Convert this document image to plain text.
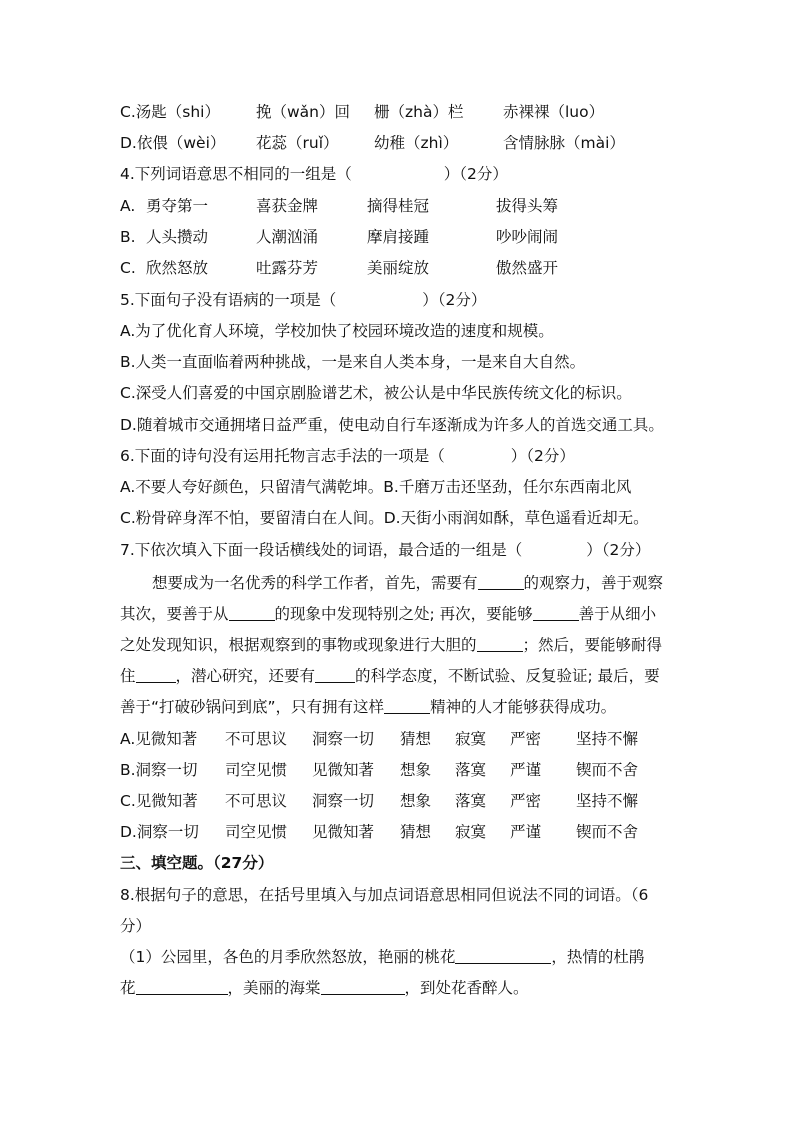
C.汤匙（shi） 挽（wǎn）回 栅（zhà）栏	赤裸裸（luo）
D.依偎（wèi） 花蕊（ruǐ） 幼稚（zhì）	含情脉脉（mài）
4.下列词语意思不相同的一组是（	）（2分）
A. 勇夺第一	喜获金牌	摘得桂冠	拔得头筹
B. 人头攒动	人潮汹涌	摩肩接踵	吵吵闹闹
C. 欣然怒放	吐露芬芳	美丽绽放	傲然盛开
5.下面句子没有语病的一项是（	）（2分）
A.为了优化育人环境，学校加快了校园环境改造的速度和规模。
B.人类一直面临着两种挑战，一是来自人类本身，一是来自大自然。
C.深受人们喜爱的中国京剧脸谱艺术，被公认是中华民族传统文化的标识。
D.随着城市交通拥堵日益严重，使电动自行车逐渐成为许多人的首选交通工具。
6.下面的诗句没有运用托物言志手法的一项是（	）（2分）
A.不要人夸好颜色，只留清气满乾坤。B.千磨万击还坚劲，任尔东西南北风
C.粉骨碎身浑不怕，要留清白在人间。D.天街小雨润如酥，草色遥看近却无。
7.下依次填入下面一段话横线处的词语，最合适的一组是（	）（2分）
想要成为一名优秀的科学工作者，首先，需要有	的观察力，善于观察
其次，要善于从	的现象中发现特别之处; 再次，要能够	善于从细小
之处发现知识，根据观察到的事物或现象进行大胆的	；然后，要能够耐得
住	，潜心研究，还要有	的科学态度，不断试验、反复验证; 最后，要
善于“打破砂锅问到底”，只有拥有这样	精神的人才能够获得成功。
A.见微知著 不可思议 洞察一切 猜想 寂寞 严密 坚持不懈
B.洞察一切 司空见惯 见微知著 想象 落寞 严谨 锲而不舍
C.见微知著 不可思议 洞察一切 想象 落寞 严密 坚持不懈
D.洞察一切 司空见惯 见微知著 猜想 寂寞 严谨 锲而不舍
三、填空题。（27分）
8.根据句子的意思，在括号里填入与加点词语意思相同但说法不同的词语。（6
分）
（1）公园里，各色的月季欣然怒放，艳丽的桃花	，热情的杜鹃
花	，美丽的海棠	，到处花香醉人。
